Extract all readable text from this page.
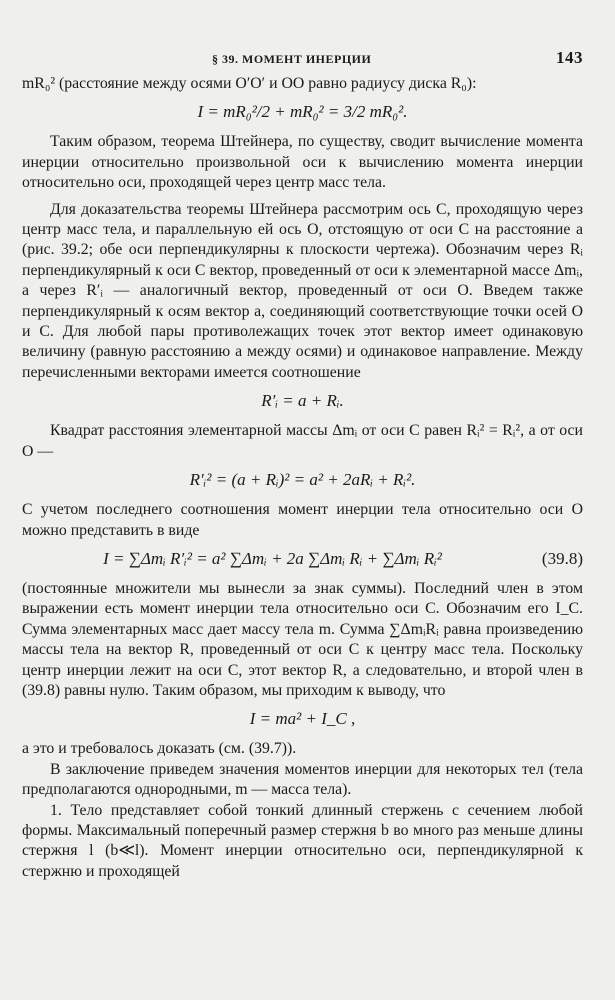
§ 39. МОМЕНТ ИНЕРЦИИ	143

mR₀² (расстояние между осями O′O′ и OO равно радиусу диска R₀):

I = mR₀²/2 + mR₀² = 3/2 mR₀².

Таким образом, теорема Штейнера, по существу, сводит вычисление момента инерции относительно произвольной оси к вычислению момента инерции относительно оси, проходящей через центр масс тела.

Для доказательства теоремы Штейнера рассмотрим ось C, проходящую через центр масс тела, и параллельную ей ось O, отстоящую от оси C на расстояние a (рис. 39.2; обе оси перпендикулярны к плоскости чертежа). Обозначим через Rᵢ перпендикулярный к оси C вектор, проведенный от оси к элементарной массе Δmᵢ, а через R′ᵢ — аналогичный вектор, проведенный от оси O. Введем также перпендикулярный к осям вектор a, соединяющий соответствующие точки осей O и C. Для любой пары противолежащих точек этот вектор имеет одинаковую величину (равную расстоянию a между осями) и одинаковое направление. Между перечисленными векторами имеется соотношение

R′ᵢ = a + Rᵢ.

Квадрат расстояния элементарной массы Δmᵢ от оси C равен Rᵢ² = Rᵢ², а от оси O —

R′ᵢ² = (a + Rᵢ)² = a² + 2aRᵢ + Rᵢ².

С учетом последнего соотношения момент инерции тела относительно оси O можно представить в виде

I = ∑Δmᵢ R′ᵢ² = a² ∑Δmᵢ + 2a ∑Δmᵢ Rᵢ + ∑Δmᵢ Rᵢ²	(39.8)

(постоянные множители мы вынесли за знак суммы). Последний член в этом выражении есть момент инерции тела относительно оси C. Обозначим его I_C. Сумма элементарных масс дает массу тела m. Сумма ∑ΔmᵢRᵢ равна произведению массы тела на вектор R, проведенный от оси C к центру масс тела. Поскольку центр инерции лежит на оси C, этот вектор R, а следовательно, и второй член в (39.8) равны нулю. Таким образом, мы приходим к выводу, что

I = ma² + I_C ,

а это и требовалось доказать (см. (39.7)).

В заключение приведем значения моментов инерции для некоторых тел (тела предполагаются однородными, m — масса тела).

1. Тело представляет собой тонкий длинный стержень с сечением любой формы. Максимальный поперечный размер стержня b во много раз меньше длины стержня l (b≪l). Момент инерции относительно оси, перпендикулярной к стержню и проходящей
